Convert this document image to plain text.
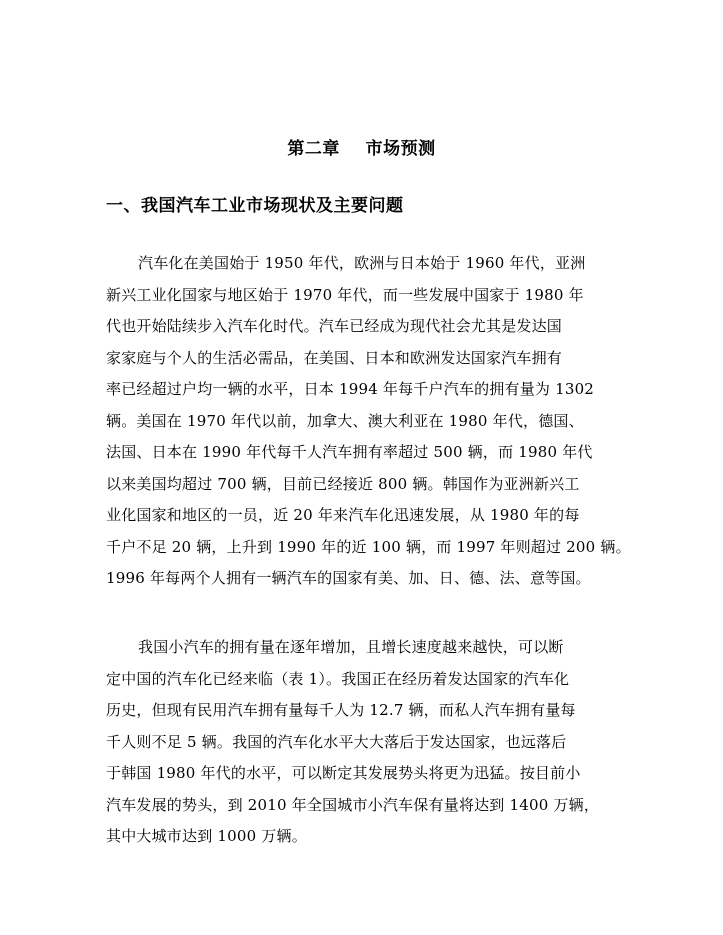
第二章    市场预测
一、我国汽车工业市场现状及主要问题
汽车化在美国始于 1950 年代，欧洲与日本始于 1960 年代，亚洲
新兴工业化国家与地区始于 1970 年代，而一些发展中国家于 1980 年
代也开始陆续步入汽车化时代。汽车已经成为现代社会尤其是发达国
家家庭与个人的生活必需品，在美国、日本和欧洲发达国家汽车拥有
率已经超过户均一辆的水平，日本 1994 年每千户汽车的拥有量为 1302
辆。美国在 1970 年代以前，加拿大、澳大利亚在 1980 年代，德国、
法国、日本在 1990 年代每千人汽车拥有率超过 500 辆，而 1980 年代
以来美国均超过 700 辆，目前已经接近 800 辆。韩国作为亚洲新兴工
业化国家和地区的一员，近 20 年来汽车化迅速发展，从 1980 年的每
千户不足 20 辆，上升到 1990 年的近 100 辆，而 1997 年则超过 200 辆。
1996 年每两个人拥有一辆汽车的国家有美、加、日、德、法、意等国。
我国小汽车的拥有量在逐年增加，且增长速度越来越快，可以断
定中国的汽车化已经来临（表 1）。我国正在经历着发达国家的汽车化
历史，但现有民用汽车拥有量每千人为 12.7 辆，而私人汽车拥有量每
千人则不足 5 辆。我国的汽车化水平大大落后于发达国家，也远落后
于韩国 1980 年代的水平，可以断定其发展势头将更为迅猛。按目前小
汽车发展的势头，到 2010 年全国城市小汽车保有量将达到 1400 万辆，
其中大城市达到 1000 万辆。
